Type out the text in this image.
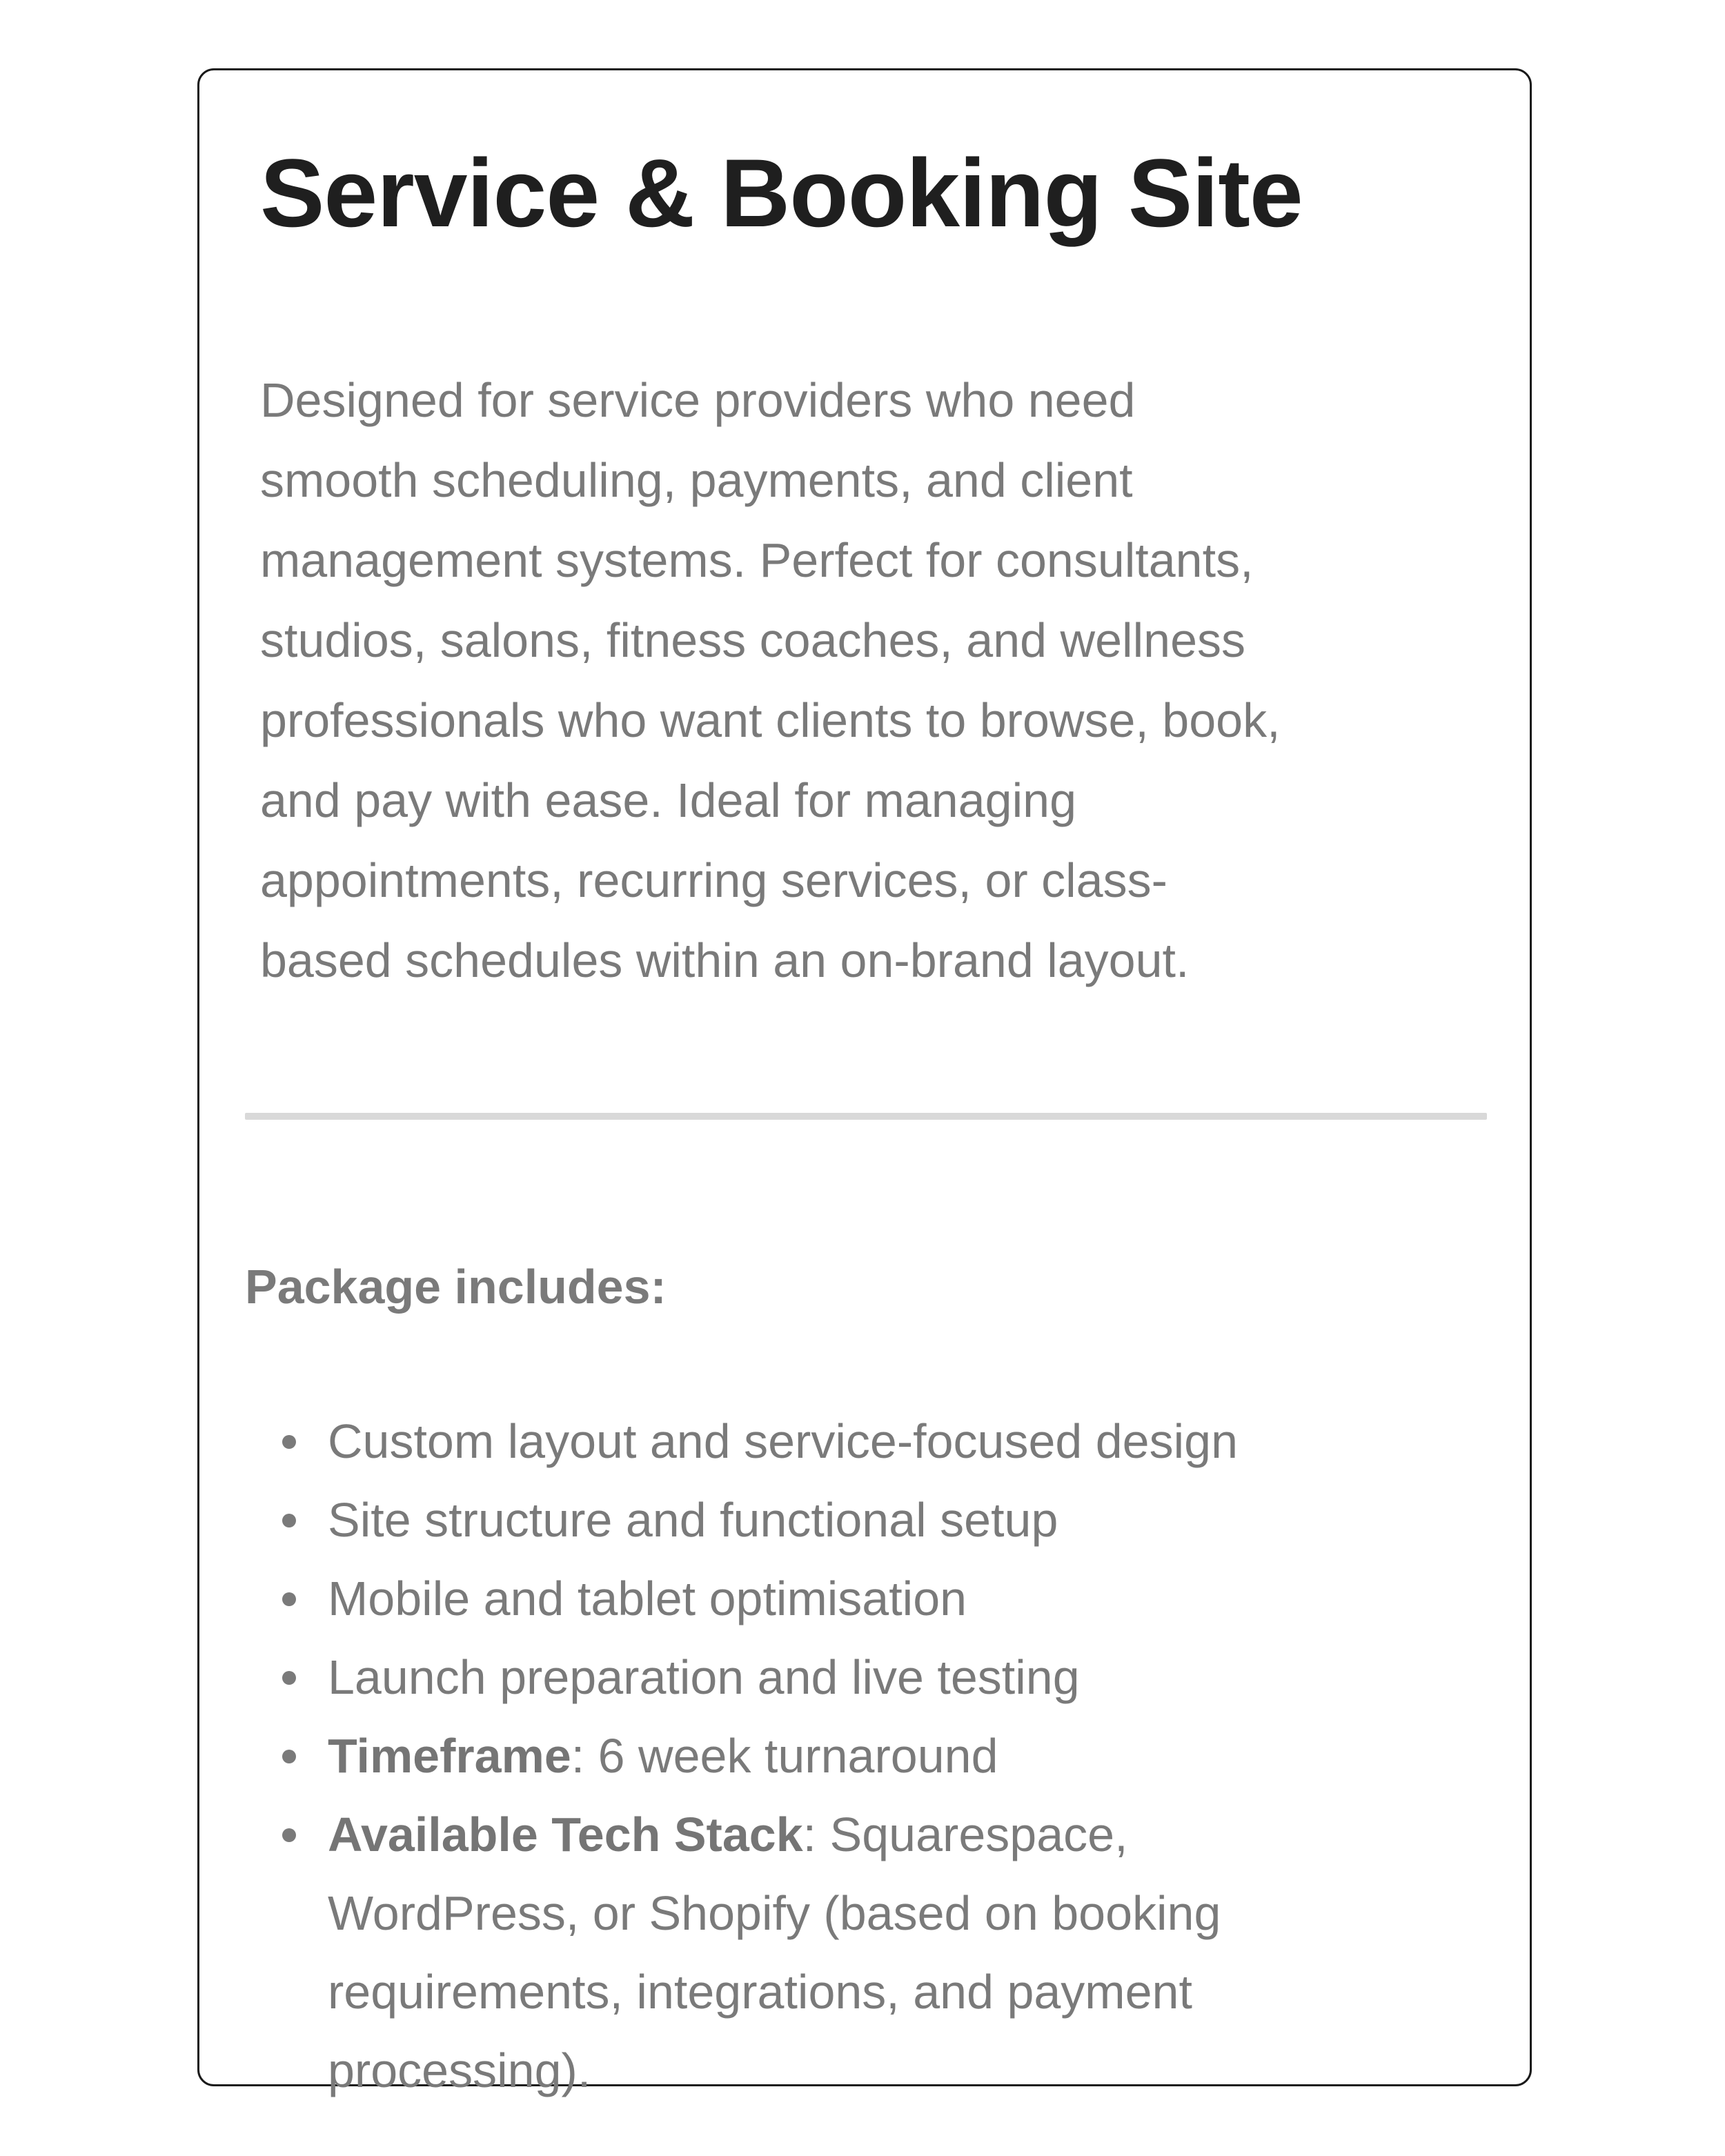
Service & Booking Site

Designed for service providers who need
smooth scheduling, payments, and client
management systems. Perfect for consultants,
studios, salons, fitness coaches, and wellness
professionals who want clients to browse, book,
and pay with ease. Ideal for managing
appointments, recurring services, or class-
based schedules within an on-brand layout.

Package includes:
Custom layout and service-focused design
Site structure and functional setup
Mobile and tablet optimisation
Launch preparation and live testing
Timeframe: 6 week turnaround
Available Tech Stack: Squarespace,
WordPress, or Shopify (based on booking
requirements, integrations, and payment
processing).
